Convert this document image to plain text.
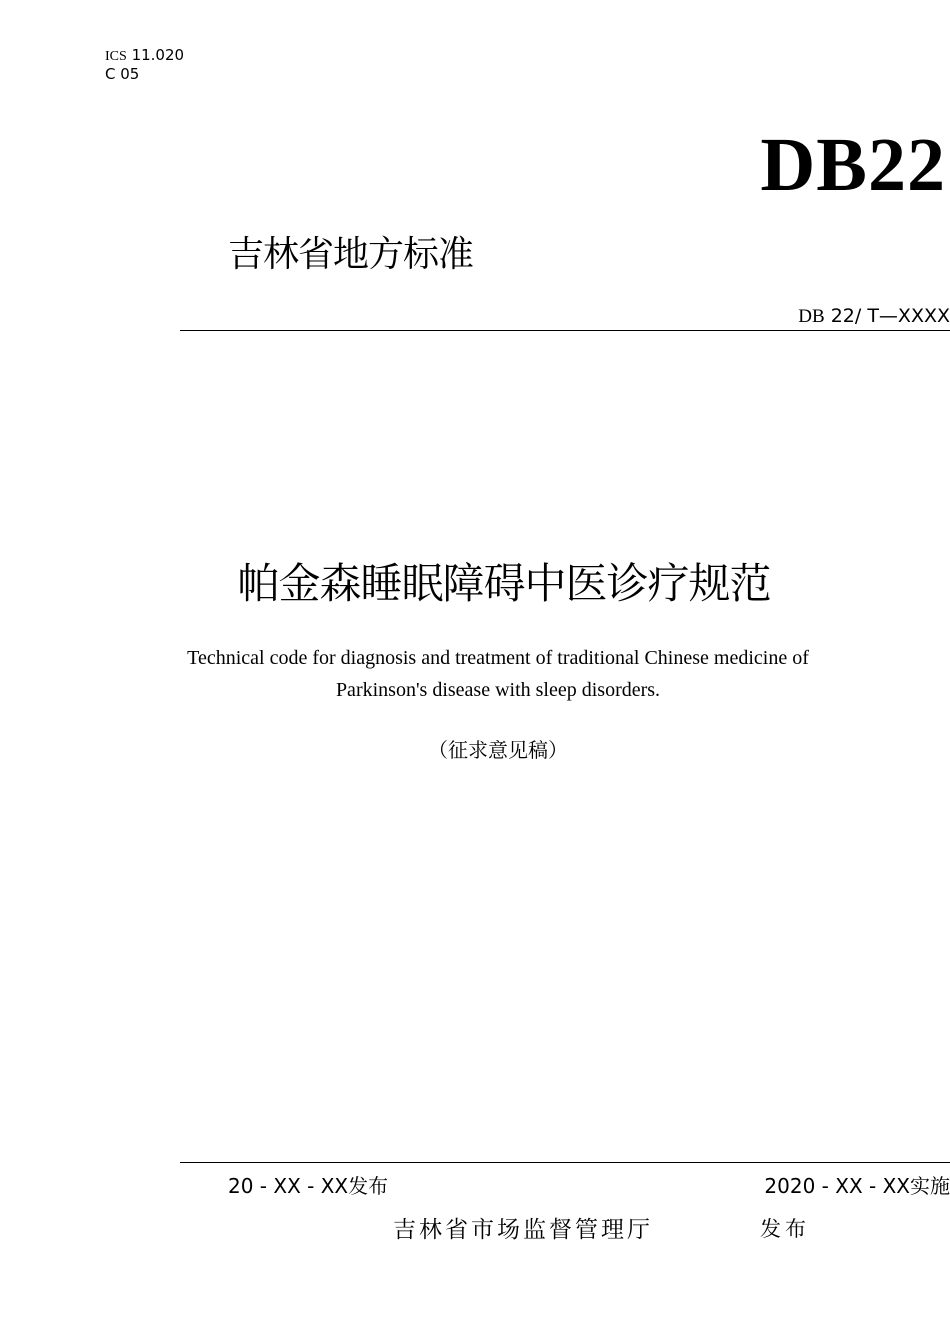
ICS 11.020
C 05
DB22
吉林省地方标准
DB 22/ T—XXXX
帕金森睡眠障碍中医诊疗规范
Technical code for diagnosis and treatment of traditional Chinese medicine of Parkinson's disease with sleep disorders.
（征求意见稿）
20 - XX - XX发布	2020 - XX - XX实施
吉林省市场监督管理厅	发布
